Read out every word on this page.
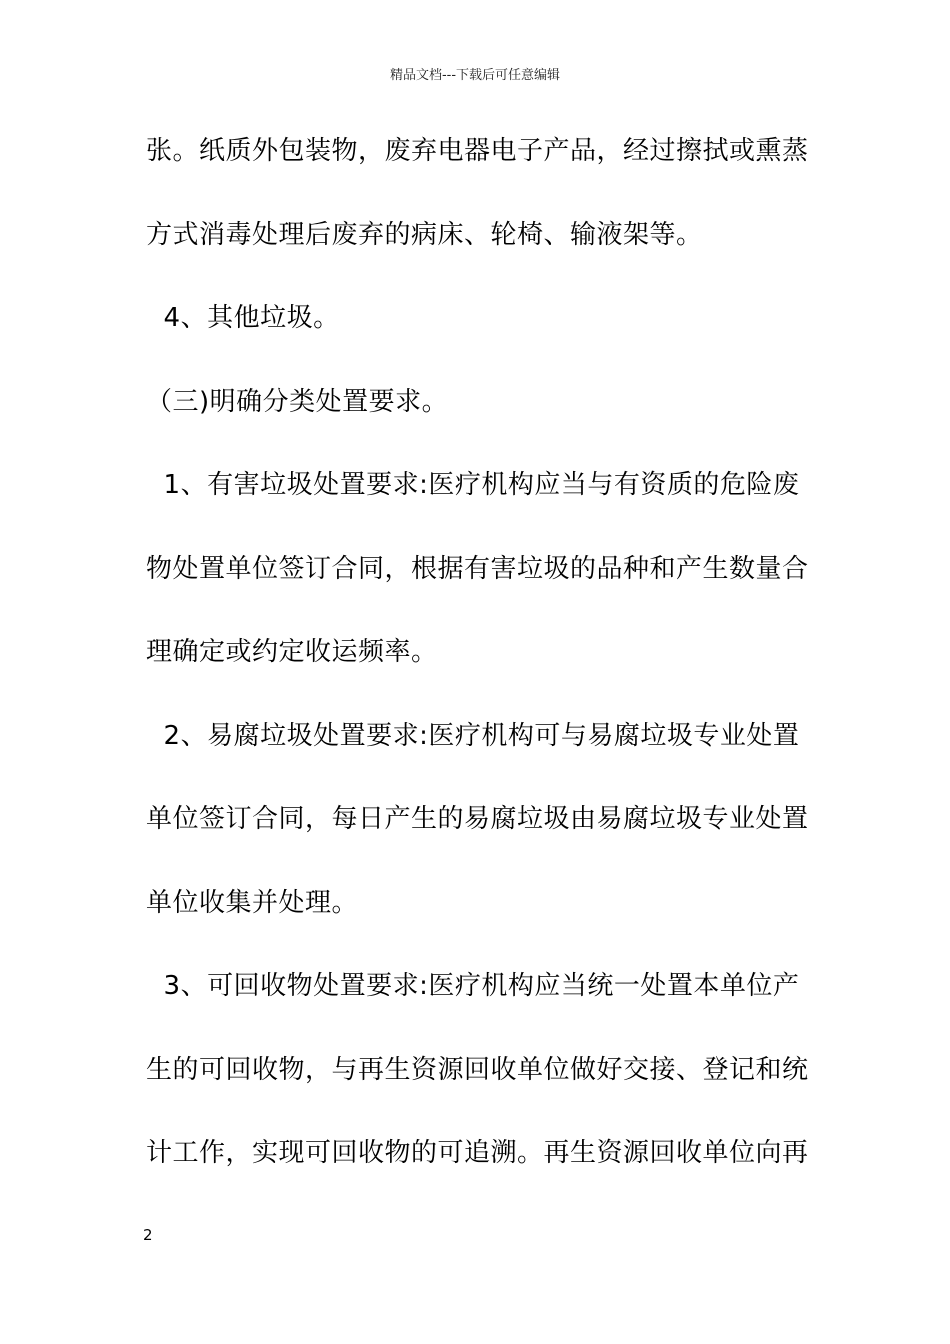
精品文档---下载后可任意编辑
张。纸质外包装物，废弃电器电子产品，经过擦拭或熏蒸
方式消毒处理后废弃的病床、轮椅、输液架等。
4、其他垃圾。
（三)明确分类处置要求。
1、有害垃圾处置要求:医疗机构应当与有资质的危险废
物处置单位签订合同，根据有害垃圾的品种和产生数量合
理确定或约定收运频率。
2、易腐垃圾处置要求:医疗机构可与易腐垃圾专业处置
单位签订合同，每日产生的易腐垃圾由易腐垃圾专业处置
单位收集并处理。
3、可回收物处置要求:医疗机构应当统一处置本单位产
生的可回收物，与再生资源回收单位做好交接、登记和统
计工作，实现可回收物的可追溯。再生资源回收单位向再
2
